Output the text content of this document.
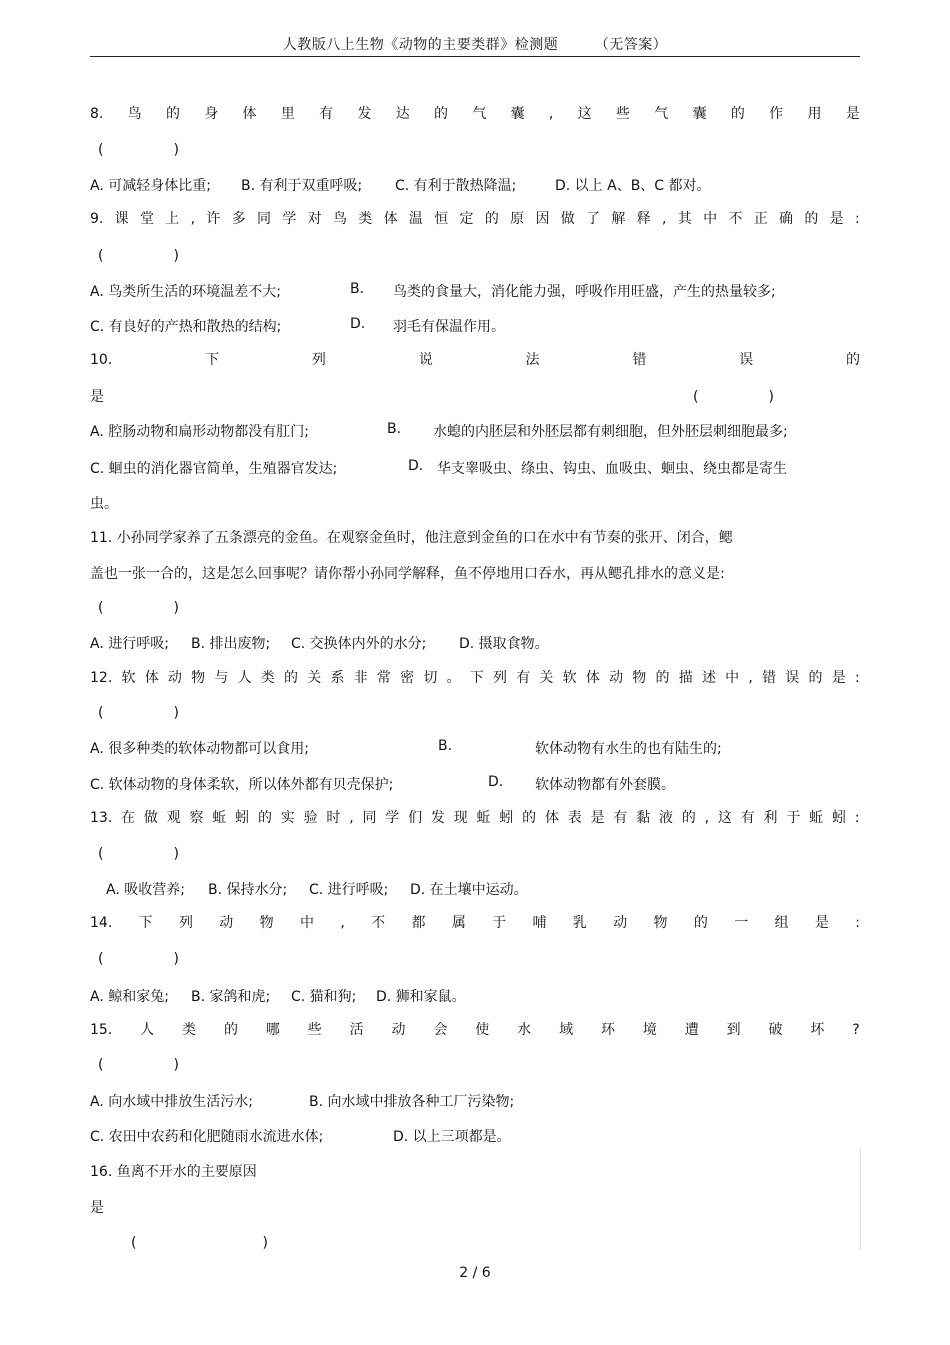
人教版八上生物《动物的主要类群》检测题　　　（无答案）
8. 鸟 的 身 体 里 有 发 达 的 气 囊 , 这 些 气 囊 的 作 用 是
(　　　　　)
A. 可减轻身体比重; B. 有利于双重呼吸; C. 有利于散热降温;	D. 以上 A、B、C 都对。
9. 课 堂 上 , 许 多 同 学 对 鸟 类 体 温 恒 定 的 原 因 做 了 解 释 , 其 中 不 正 确 的 是 :
(　　　　　)
A. 鸟类所生活的环境温差不大;	B. 鸟类的食量大，消化能力强，呼吸作用旺盛，产生的热量较多;
C. 有良好的产热和散热的结构;	D. 羽毛有保温作用。
10.	下	列	说	法	错	误	的
是	(　　　　　)
A. 腔肠动物和扁形动物都没有肛门;	B. 水螅的内胚层和外胚层都有刺细胞，但外胚层刺细胞最多;
C. 蛔虫的消化器官简单，生殖器官发达;	D. 华支睾吸虫、绦虫、钩虫、血吸虫、蛔虫、绕虫都是寄生
虫。
11. 小孙同学家养了五条漂亮的金鱼。在观察金鱼时，他注意到金鱼的口在水中有节奏的张开、闭合，鳃
盖也一张一合的，这是怎么回事呢？请你帮小孙同学解释，鱼不停地用口吞水，再从鳃孔排水的意义是:
(　　　　　)
A. 进行呼吸; B. 排出废物; C. 交换体内外的水分; D. 摄取食物。
12. 软 体 动 物 与 人 类 的 关 系 非 常 密 切 。 下 列 有 关 软 体 动 物 的 描 述 中 , 错 误 的 是 :
(　　　　　)
A. 很多种类的软体动物都可以食用;	B.	软体动物有水生的也有陆生的;
C. 软体动物的身体柔软，所以体外都有贝壳保护;	D. 软体动物都有外套膜。
13. 在 做 观 察 蚯 蚓 的 实 验 时 , 同 学 们 发 现 蚯 蚓 的 体 表 是 有 黏 液 的 , 这 有 利 于 蚯 蚓 :
(　　　　　)
A. 吸收营养; B. 保持水分; C. 进行呼吸; D. 在土壤中运动。
14. 下 列 动 物 中 , 不 都 属 于 哺 乳 动 物 的 一 组 是 :
(　　　　　)
A. 鲸和家兔; B. 家鸽和虎; C. 猫和狗; D. 狮和家鼠。
15. 人 类 的 哪 些 活 动 会 使 水 域 环 境 遭 到 破 坏 ?
(　　　　　)
A. 向水域中排放生活污水;	B. 向水域中排放各种工厂污染物;
C. 农田中农药和化肥随雨水流进水体;	D. 以上三项都是。
16. 鱼离不开水的主要原因
是
(　　　　　　　　　)
2 / 6
